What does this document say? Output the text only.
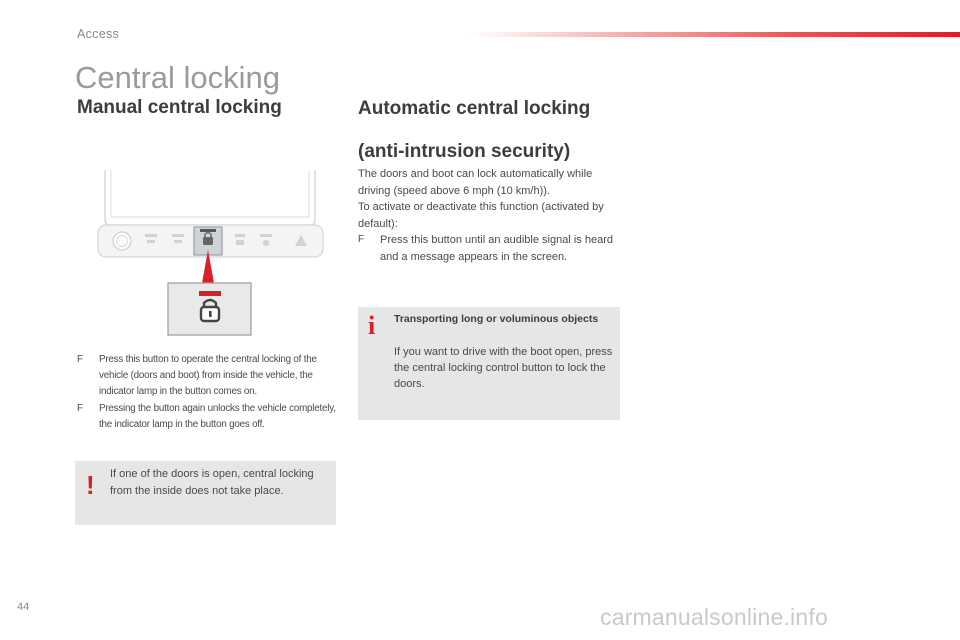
Access
Central locking
Manual central locking
F Press this button to operate the central locking of the vehicle (doors and boot) from inside the vehicle, the indicator lamp in the button comes on.
F Pressing the button again unlocks the vehicle completely, the indicator lamp in the button goes off.
! If one of the doors is open, central locking from the inside does not take place.
Automatic central locking
(anti-intrusion security)
The doors and boot can lock automatically while driving (speed above 6 mph (10 km/h)).
To activate or deactivate this function (activated by default):
F Press this button until an audible signal is heard and a message appears in the screen.
i Transporting long or voluminous objects
If you want to drive with the boot open, press the central locking control button to lock the doors.
44	carmanualsonline.info
